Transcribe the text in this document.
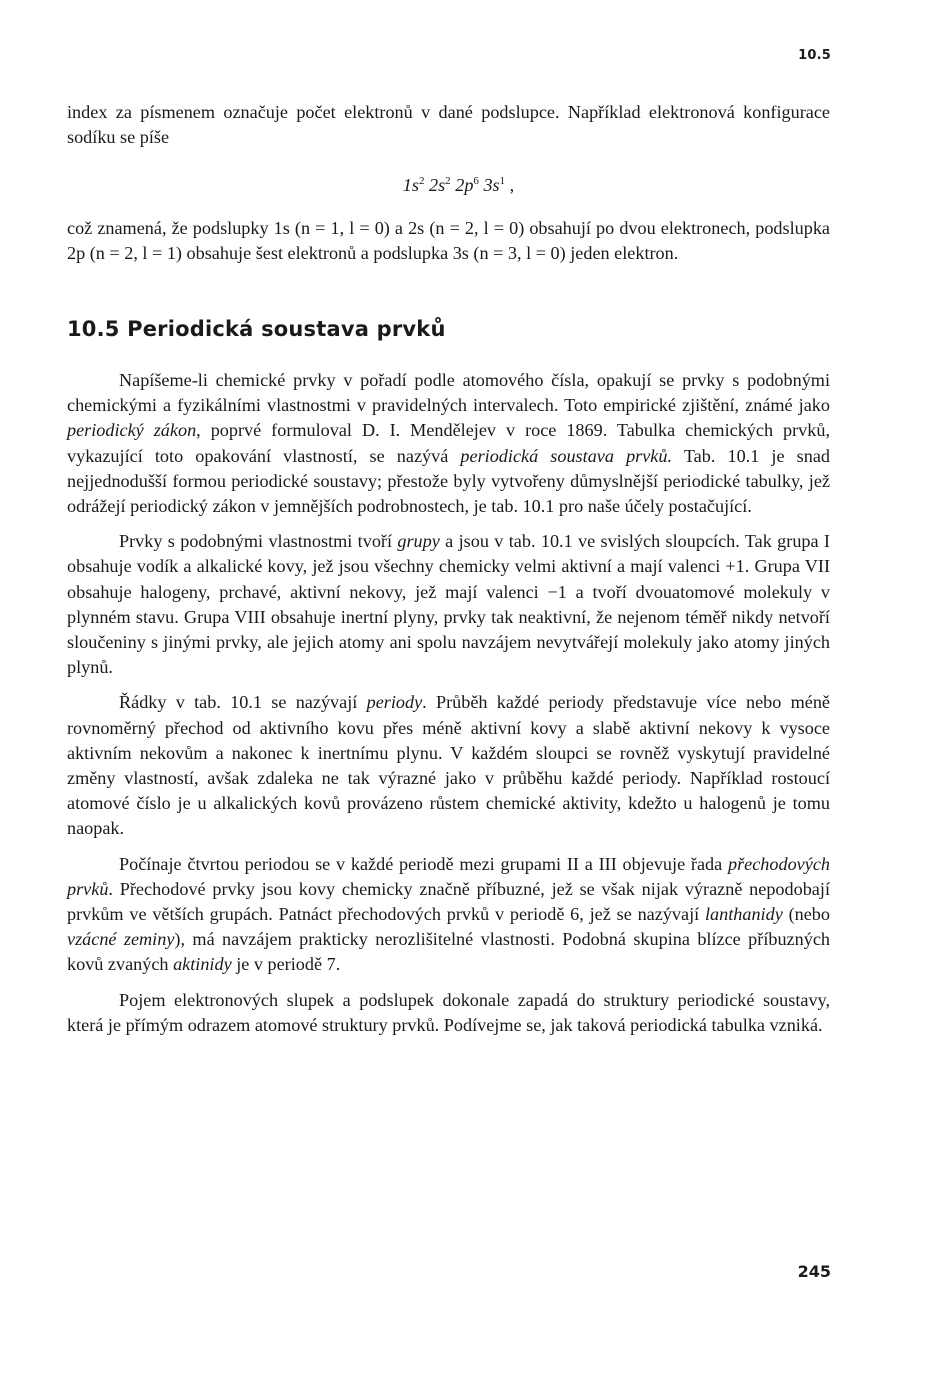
10.5

index za písmenem označuje počet elektronů v dané podslupce. Například elektronová konfigurace sodíku se píše

$1s^2$ $2s^2$ $2p^6$ $3s^1$ ,

což znamená, že podslupky 1s (n = 1, l = 0) a 2s (n = 2, l = 0) obsahují po dvou elektronech, podslupka 2p (n = 2, l = 1) obsahuje šest elektronů a podslupka 3s (n = 3, l = 0) jeden elektron.

10.5 Periodická soustava prvků

Napíšeme-li chemické prvky v pořadí podle atomového čísla, opakují se prvky s podobnými chemickými a fyzikálními vlastnostmi v pravidelných intervalech. Toto empirické zjištění, známé jako periodický zákon, poprvé formuloval D. I. Mendělejev v roce 1869. Tabulka chemických prvků, vykazující toto opakování vlastností, se nazývá periodická soustava prvků. Tab. 10.1 je snad nejjednodušší formou periodické soustavy; přestože byly vytvořeny důmyslnější periodické tabulky, jež odrážejí periodický zákon v jemnějších podrobnostech, je tab. 10.1 pro naše účely postačující.

Prvky s podobnými vlastnostmi tvoří grupy a jsou v tab. 10.1 ve svislých sloupcích. Tak grupa I obsahuje vodík a alkalické kovy, jež jsou všechny chemicky velmi aktivní a mají valenci +1. Grupa VII obsahuje halogeny, prchavé, aktivní nekovy, jež mají valenci −1 a tvoří dvouatomové molekuly v plynném stavu. Grupa VIII obsahuje inertní plyny, prvky tak neaktivní, že nejenom téměř nikdy netvoří sloučeniny s jinými prvky, ale jejich atomy ani spolu navzájem nevytvářejí molekuly jako atomy jiných plynů.

Řádky v tab. 10.1 se nazývají periody. Průběh každé periody představuje více nebo méně rovnoměrný přechod od aktivního kovu přes méně aktivní kovy a slabě aktivní nekovy k vysoce aktivním nekovům a nakonec k inertnímu plynu. V každém sloupci se rovněž vyskytují pravidelné změny vlastností, avšak zdaleka ne tak výrazné jako v průběhu každé periody. Například rostoucí atomové číslo je u alkalických kovů provázeno růstem chemické aktivity, kdežto u halogenů je tomu naopak.

Počínaje čtvrtou periodou se v každé periodě mezi grupami II a III objevuje řada přechodových prvků. Přechodové prvky jsou kovy chemicky značně příbuzné, jež se však nijak výrazně nepodobají prvkům ve větších grupách. Patnáct přechodových prvků v periodě 6, jež se nazývají lanthanidy (nebo vzácné zeminy), má navzájem prakticky nerozlišitelné vlastnosti. Podobná skupina blízce příbuzných kovů zvaných aktinidy je v periodě 7.

Pojem elektronových slupek a podslupek dokonale zapadá do struktury periodické soustavy, která je přímým odrazem atomové struktury prvků. Podívejme se, jak taková periodická tabulka vzniká.

245
